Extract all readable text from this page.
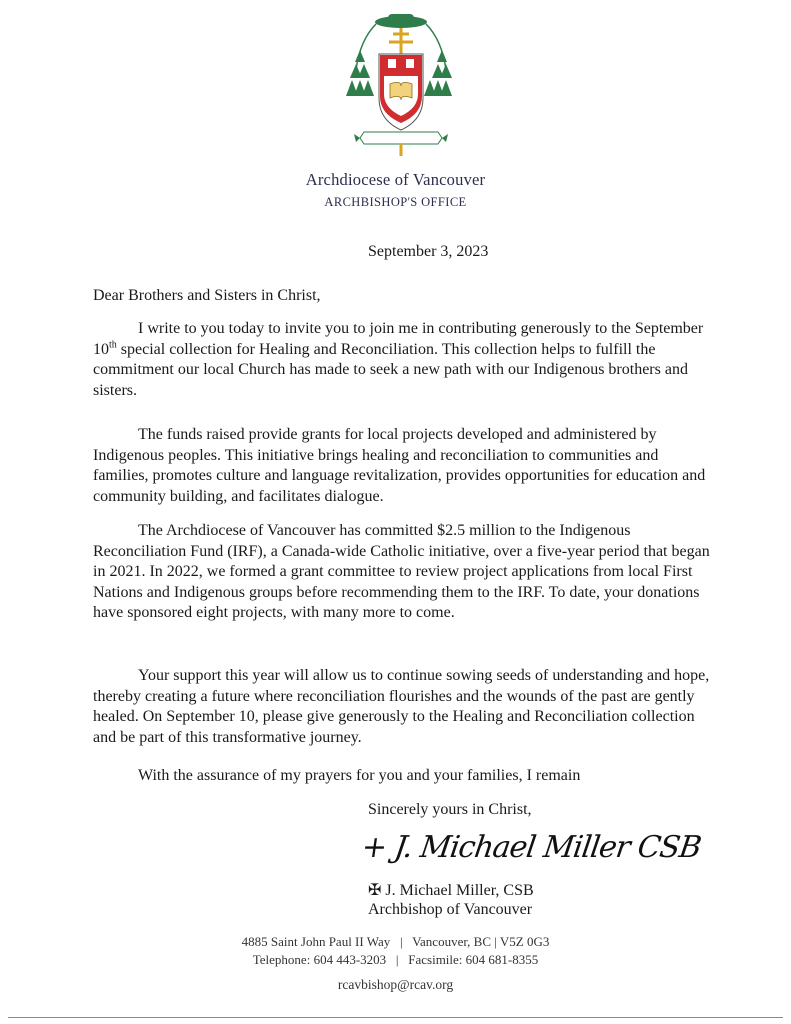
Archdiocese of Vancouver
ARCHBISHOP'S OFFICE
September 3, 2023
Dear Brothers and Sisters in Christ,

I write to you today to invite you to join me in contributing generously to the September 10th special collection for Healing and Reconciliation. This collection helps to fulfill the commitment our local Church has made to seek a new path with our Indigenous brothers and sisters.

The funds raised provide grants for local projects developed and administered by Indigenous peoples. This initiative brings healing and reconciliation to communities and families, promotes culture and language revitalization, provides opportunities for education and community building, and facilitates dialogue.

The Archdiocese of Vancouver has committed $2.5 million to the Indigenous Reconciliation Fund (IRF), a Canada-wide Catholic initiative, over a five-year period that began in 2021. In 2022, we formed a grant committee to review project applications from local First Nations and Indigenous groups before recommending them to the IRF. To date, your donations have sponsored eight projects, with many more to come.

Your support this year will allow us to continue sowing seeds of understanding and hope, thereby creating a future where reconciliation flourishes and the wounds of the past are gently healed. On September 10, please give generously to the Healing and Reconciliation collection and be part of this transformative journey.

With the assurance of my prayers for you and your families, I remain

Sincerely yours in Christ,
+ J. Michael Miller CSB
✠ J. Michael Miller, CSB
Archbishop of Vancouver
4885 Saint John Paul II Way   |   Vancouver, BC | V5Z 0G3
Telephone: 604 443-3203   |   Facsimile: 604 681-8355
rcavbishop@rcav.org
